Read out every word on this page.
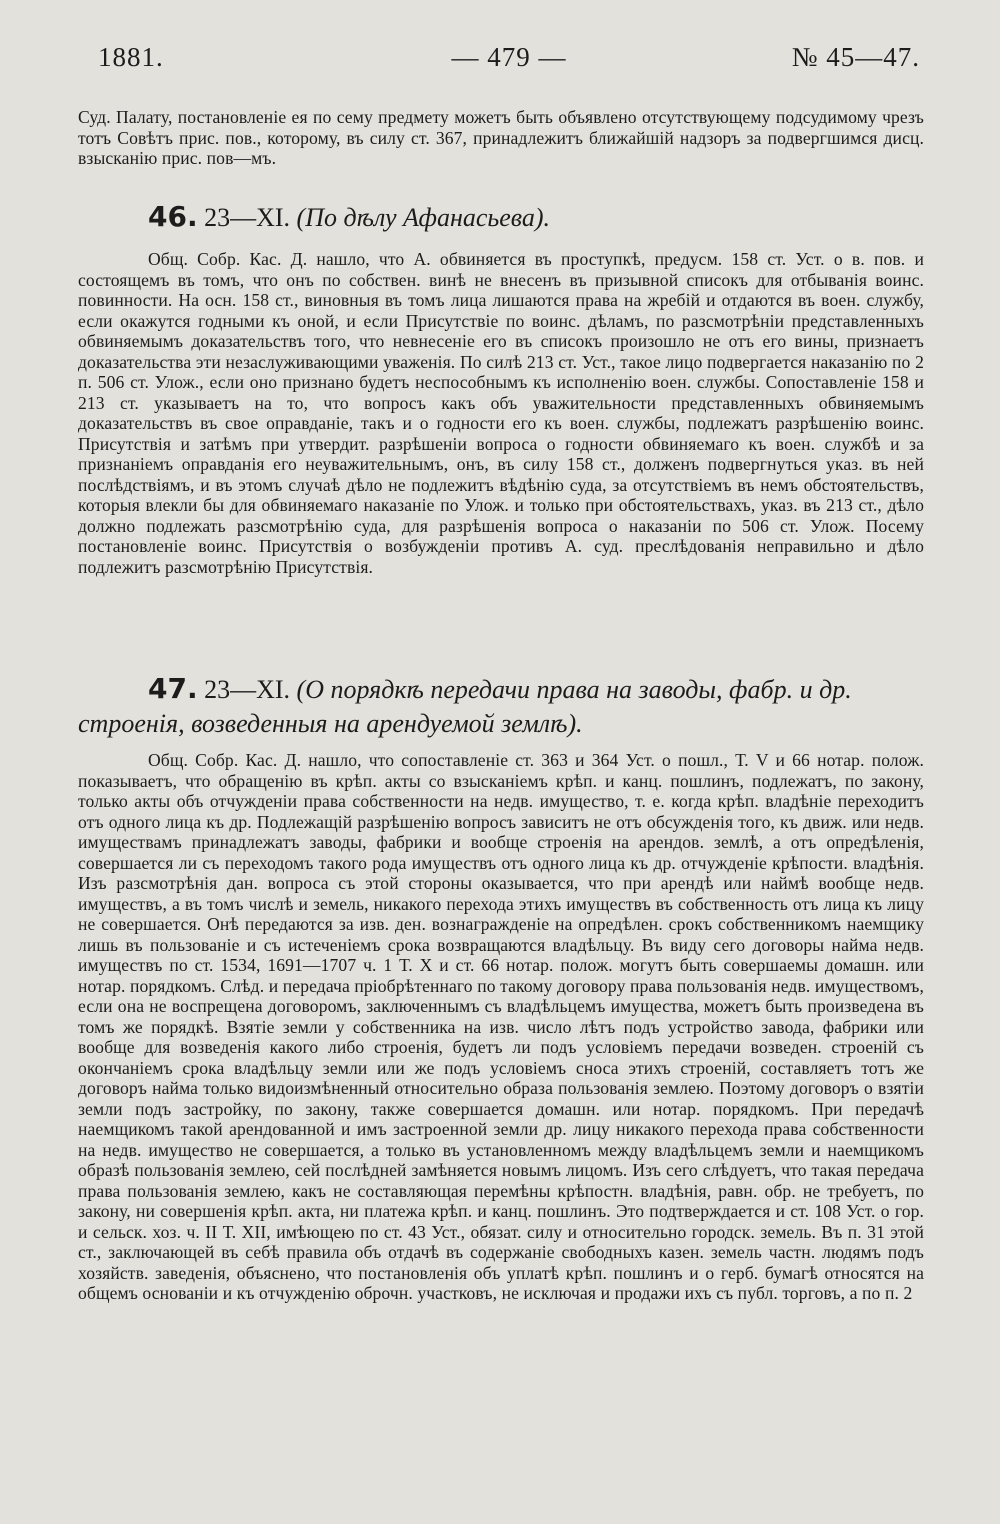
1881.	— 479 —	№ 45—47.

Суд. Палату, постановленіе ея по сему предмету можетъ быть объявлено отсутствующему подсудимому чрезъ тотъ Совѣтъ прис. пов., которому, въ силу ст. 367, принадлежитъ ближайшій надзоръ за подвергшимся дисц. взысканію прис. пов—мъ.

46. 23—XI. (По дѣлу Афанасьева).

Общ. Собр. Кас. Д. нашло, что А. обвиняется въ проступкѣ, предусм. 158 ст. Уст. о в. пов. и состоящемъ въ томъ, что онъ по собствен. винѣ не внесенъ въ призывной списокъ для отбыванія воинс. повинности. На осн. 158 ст., виновныя въ томъ лица лишаются права на жребій и отдаются въ воен. службу, если окажутся годными къ оной, и если Присутствіе по воинс. дѣламъ, по разсмотрѣніи представленныхъ обвиняемымъ доказательствъ того, что невнесеніе его въ списокъ произошло не отъ его вины, признаетъ доказательства эти незаслуживающими уваженія. По силѣ 213 ст. Уст., такое лицо подвергается наказанію по 2 п. 506 ст. Улож., если оно признано будетъ неспособнымъ къ исполненію воен. службы. Сопоставленіе 158 и 213 ст. указываетъ на то, что вопросъ какъ объ уважительности представленныхъ обвиняемымъ доказательствъ въ свое оправданіе, такъ и о годности его къ воен. службы, подлежатъ разрѣшенію воинс. Присутствія и затѣмъ при утвердит. разрѣшеніи вопроса о годности обвиняемаго къ воен. службѣ и за признаніемъ оправданія его неуважительнымъ, онъ, въ силу 158 ст., долженъ подвергнуться указ. въ ней послѣдствіямъ, и въ этомъ случаѣ дѣло не подлежитъ вѣдѣнію суда, за отсутствіемъ въ немъ обстоятельствъ, которыя влекли бы для обвиняемаго наказаніе по Улож. и только при обстоятельствахъ, указ. въ 213 ст., дѣло должно подлежать разсмотрѣнію суда, для разрѣшенія вопроса о наказаніи по 506 ст. Улож. Посему постановленіе воинс. Присутствія о возбужденіи противъ А. суд. преслѣдованія неправильно и дѣло подлежитъ разсмотрѣнію Присутствія.

47. 23—XI. (О порядкѣ передачи права на заводы, фабр. и др. строенія, возведенныя на арендуемой землѣ).

Общ. Собр. Кас. Д. нашло, что сопоставленіе ст. 363 и 364 Уст. о пошл., Т. V и 66 нотар. полож. показываетъ, что обращенію въ крѣп. акты со взысканіемъ крѣп. и канц. пошлинъ, подлежатъ, по закону, только акты объ отчужденіи права собственности на недв. имущество, т. е. когда крѣп. владѣніе переходитъ отъ одного лица къ др. Подлежащій разрѣшенію вопросъ зависитъ не отъ обсужденія того, къ движ. или недв. имуществамъ принадлежатъ заводы, фабрики и вообще строенія на арендов. землѣ, а отъ опредѣленія, совершается ли съ переходомъ такого рода имуществъ отъ одного лица къ др. отчужденіе крѣпости. владѣнія. Изъ разсмотрѣнія дан. вопроса съ этой стороны оказывается, что при арендѣ или наймѣ вообще недв. имуществъ, а въ томъ числѣ и земель, никакого перехода этихъ имуществъ въ собственность отъ лица къ лицу не совершается. Онѣ передаются за изв. ден. вознагражденіе на опредѣлен. срокъ собственникомъ наемщику лишь въ пользованіе и съ истеченіемъ срока возвращаются владѣльцу. Въ виду сего договоры найма недв. имуществъ по ст. 1534, 1691—1707 ч. 1 Т. X и ст. 66 нотар. полож. могутъ быть совершаемы домашн. или нотар. порядкомъ. Слѣд. и передача пріобрѣтеннаго по такому договору права пользованія недв. имуществомъ, если она не воспрещена договоромъ, заключеннымъ съ владѣльцемъ имущества, можетъ быть произведена въ томъ же порядкѣ. Взятіе земли у собственника на изв. число лѣтъ подъ устройство завода, фабрики или вообще для возведенія какого либо строенія, будетъ ли подъ условіемъ передачи возведен. строеній съ окончаніемъ срока владѣльцу земли или же подъ условіемъ сноса этихъ строеній, составляетъ тотъ же договоръ найма только видоизмѣненный относительно образа пользованія землею. Поэтому договоръ о взятіи земли подъ застройку, по закону, также совершается домашн. или нотар. порядкомъ. При передачѣ наемщикомъ такой арендованной и имъ застроенной земли др. лицу никакого перехода права собственности на недв. имущество не совершается, а только въ установленномъ между владѣльцемъ земли и наемщикомъ образѣ пользованія землею, сей послѣдней замѣняется новымъ лицомъ. Изъ сего слѣдуетъ, что такая передача права пользованія землею, какъ не составляющая перемѣны крѣпостн. владѣнія, равн. обр. не требуетъ, по закону, ни совершенія крѣп. акта, ни платежа крѣп. и канц. пошлинъ. Это подтверждается и ст. 108 Уст. о гор. и сельск. хоз. ч. II Т. XII, имѣющею по ст. 43 Уст., обязат. силу и относительно городск. земель. Въ п. 31 этой ст., заключающей въ себѣ правила объ отдачѣ въ содержаніе свободныхъ казен. земель частн. людямъ подъ хозяйств. заведенія, объяснено, что постановленія объ уплатѣ крѣп. пошлинъ и о герб. бумагѣ относятся на общемъ основаніи и къ отчужденію оброчн. участковъ, не исключая и продажи ихъ съ публ. торговъ, а по п. 2
